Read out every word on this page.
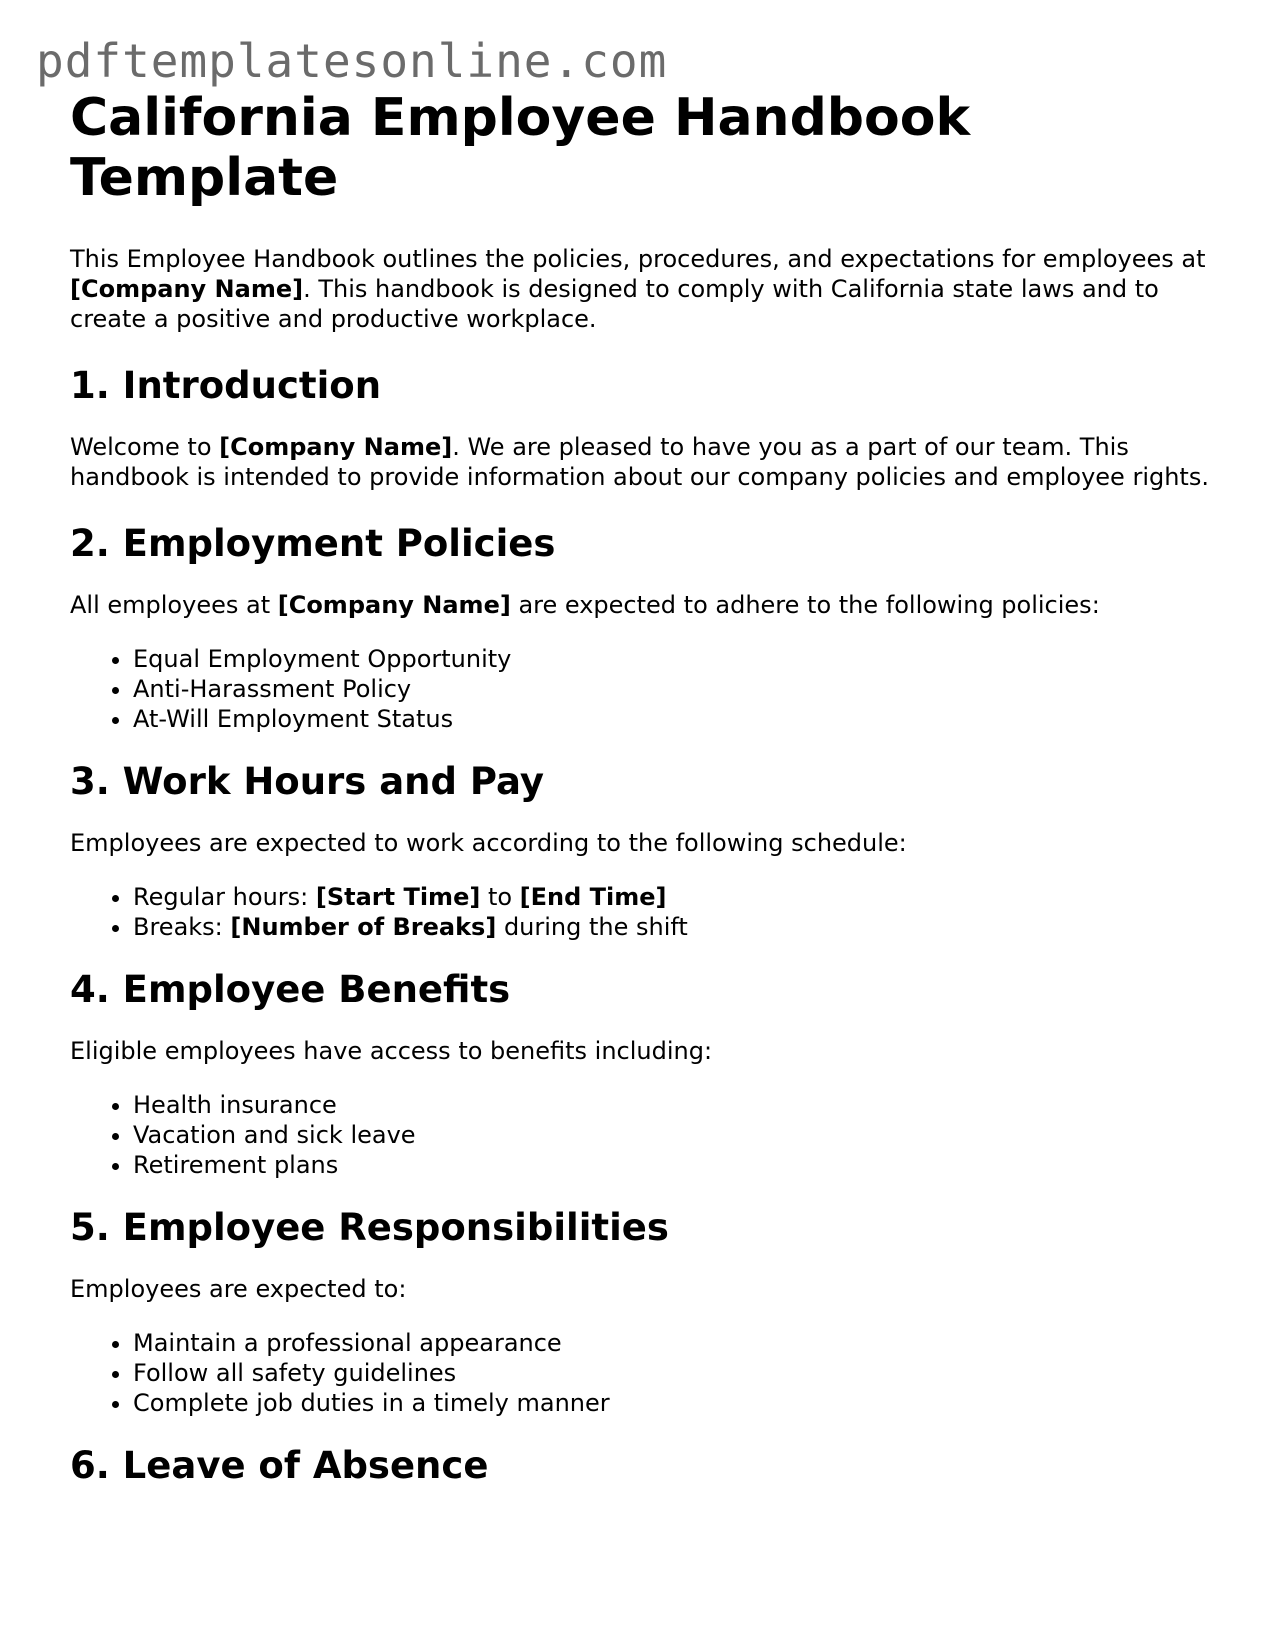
pdftemplatesonline.com
California Employee Handbook Template

This Employee Handbook outlines the policies, procedures, and expectations for employees at [Company Name]. This handbook is designed to comply with California state laws and to create a positive and productive workplace.

1. Introduction

Welcome to [Company Name]. We are pleased to have you as a part of our team. This handbook is intended to provide information about our company policies and employee rights.

2. Employment Policies

All employees at [Company Name] are expected to adhere to the following policies:

• Equal Employment Opportunity
• Anti-Harassment Policy
• At-Will Employment Status
3. Work Hours and Pay

Employees are expected to work according to the following schedule:

• Regular hours: [Start Time] to [End Time]
• Breaks: [Number of Breaks] during the shift
4. Employee Benefits

Eligible employees have access to benefits including:

• Health insurance
• Vacation and sick leave
• Retirement plans
5. Employee Responsibilities

Employees are expected to:

• Maintain a professional appearance
• Follow all safety guidelines
• Complete job duties in a timely manner
6. Leave of Absence
